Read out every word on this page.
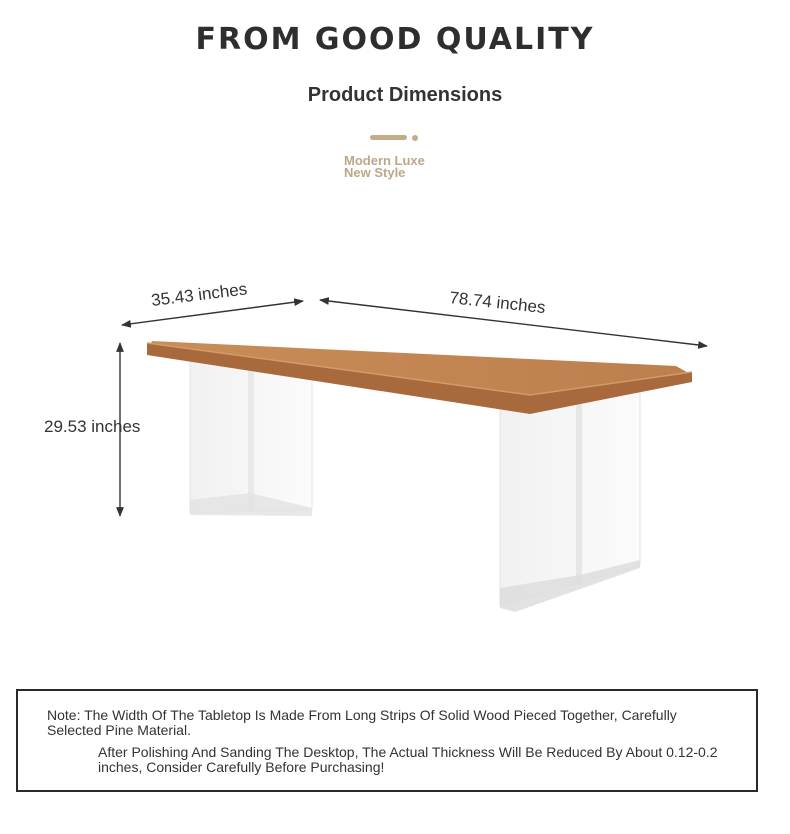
FROM GOOD QUALITY
Product Dimensions
Modern Luxe
New Style
35.43 inches	78.74 inches
29.53 inches
Note: The Width Of The Tabletop Is Made From Long Strips Of Solid Wood Pieced Together, Carefully Selected Pine Material.
After Polishing And Sanding The Desktop, The Actual Thickness Will Be Reduced By About 0.12-0.2 inches, Consider Carefully Before Purchasing!
